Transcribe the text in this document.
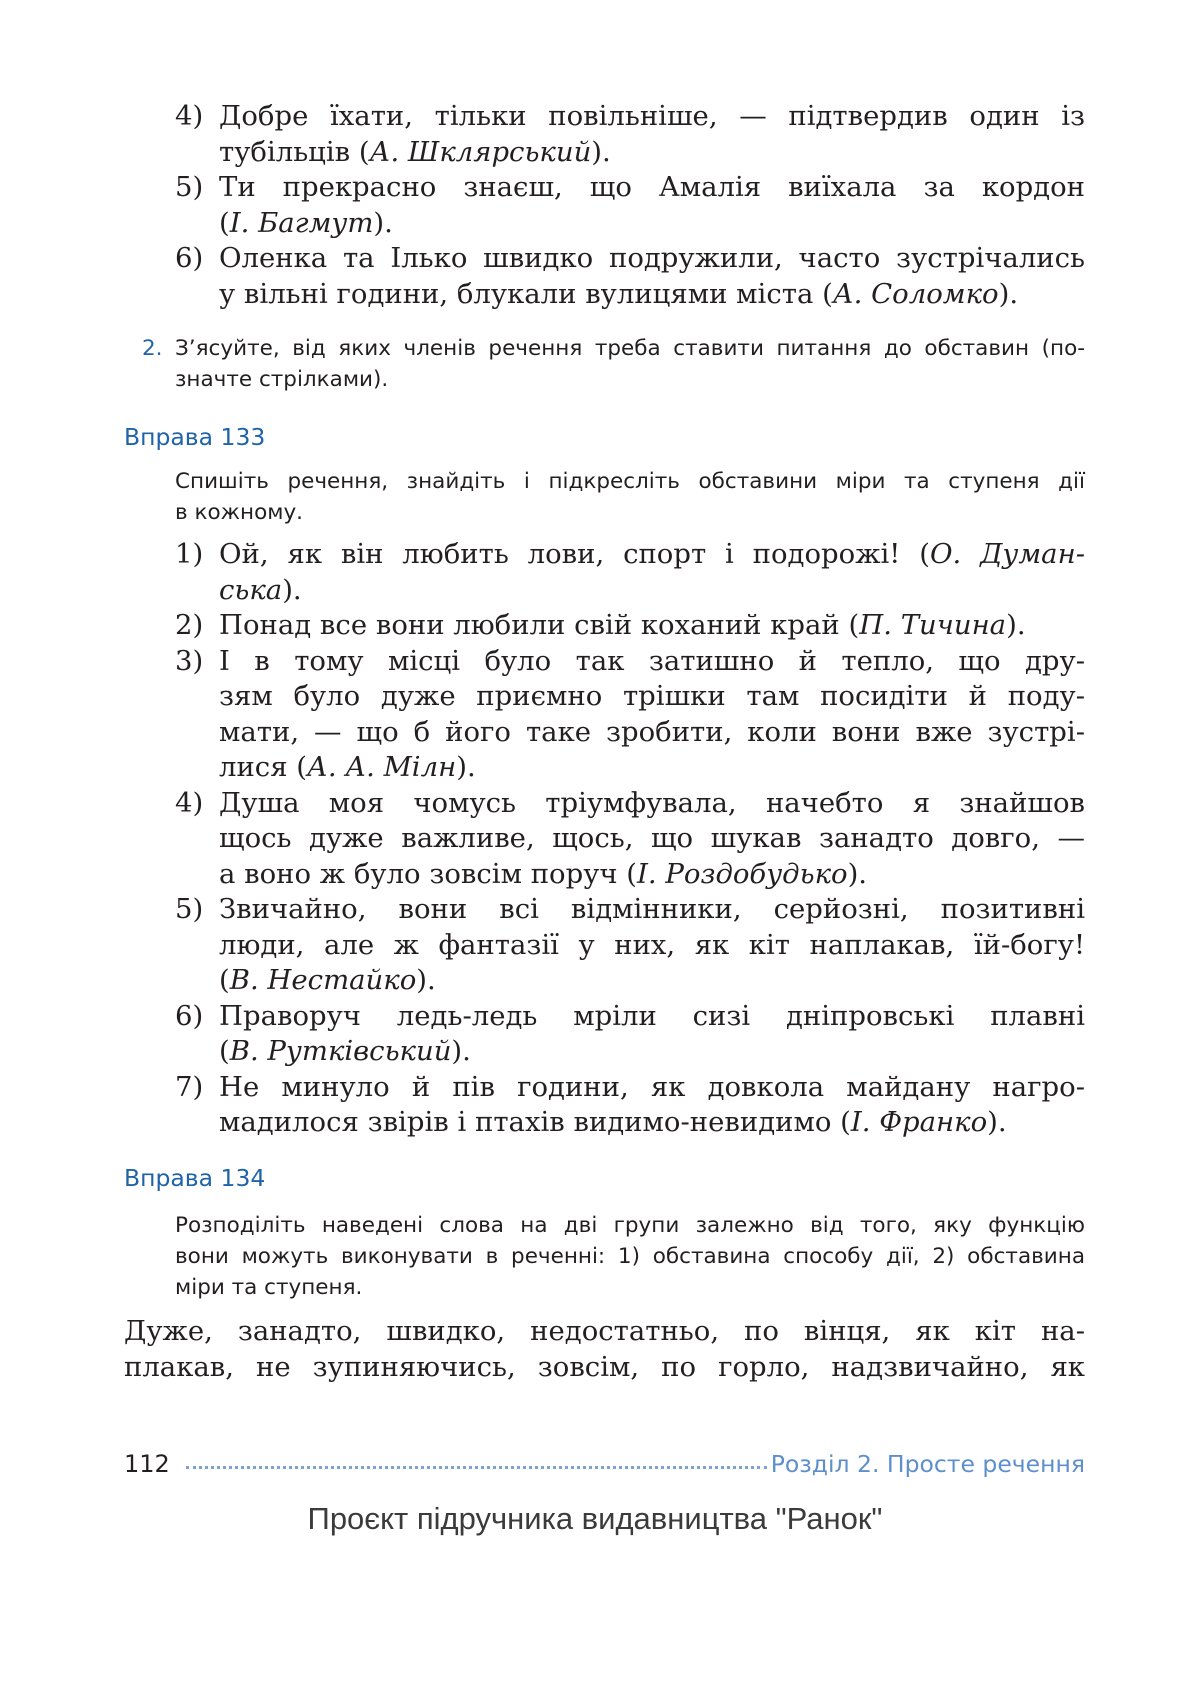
4) Добре їхати, тільки повільніше, — підтвердив один із
тубільців (А. Шклярський).
5) Ти прекрасно знаєш, що Амалія виїхала за кордон
(І. Багмут).
6) Оленка та Ілько швидко подружили, часто зустрічались
у вільні години, блукали вулицями міста (А. Соломко).
2. З’ясуйте, від яких членів речення треба ставити питання до обставин (по-
значте стрілками).
Вправа 133
Спишіть речення, знайдіть і підкресліть обставини міри та ступеня дії
в кожному.
1) Ой, як він любить лови, спорт і подорожі! (О. Думан-
ська).
2) Понад все вони любили свій коханий край (П. Тичина).
3) І в тому місці було так затишно й тепло, що дру-
зям було дуже приємно трішки там посидіти й поду-
мати, — що б його таке зробити, коли вони вже зустрі-
лися (А. А. Мілн).
4) Душа моя чомусь тріумфувала, начебто я знайшов
щось дуже важливе, щось, що шукав занадто довго, —
а воно ж було зовсім поруч (І. Роздобудько).
5) Звичайно, вони всі відмінники, серйозні, позитивні
люди, але ж фантазії у них, як кіт наплакав, їй-богу!
(В. Нестайко).
6) Праворуч ледь-ледь мріли сизі дніпровські плавні
(В. Рутківський).
7) Не минуло й пів години, як довкола майдану нагро-
мадилося звірів і птахів видимо-невидимо (І. Франко).
Вправа 134
Розподіліть наведені слова на дві групи залежно від того, яку функцію
вони можуть виконувати в реченні: 1) обставина способу дії, 2) обставина
міри та ступеня.
Дуже, занадто, швидко, недостатньо, по вінця, як кіт на-
плакав, не зупиняючись, зовсім, по горло, надзвичайно, як
112	Розділ 2. Просте речення
Проєкт підручника видавництва "Ранок"
